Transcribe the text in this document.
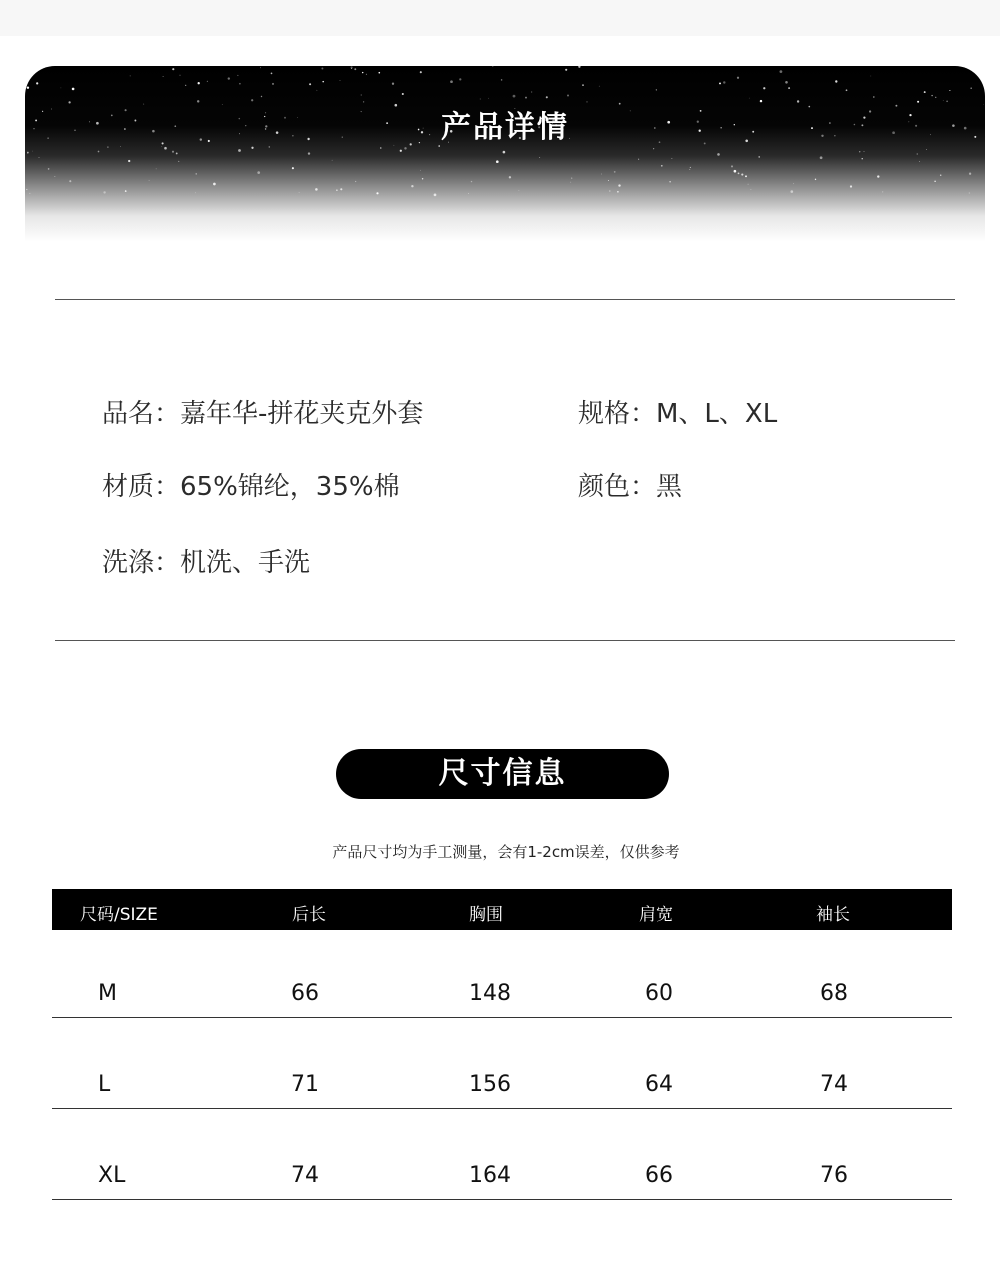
产品详情
品名：嘉年华-拼花夹克外套	规格：M、L、XL
材质：65%锦纶，35%棉	颜色：黑
洗涤：机洗、手洗
尺寸信息
产品尺寸均为手工测量，会有1-2cm误差，仅供参考
尺码/SIZE	后长	胸围	肩宽	袖长
M	66	148	60	68
L	71	156	64	74
XL	74	164	66	76
